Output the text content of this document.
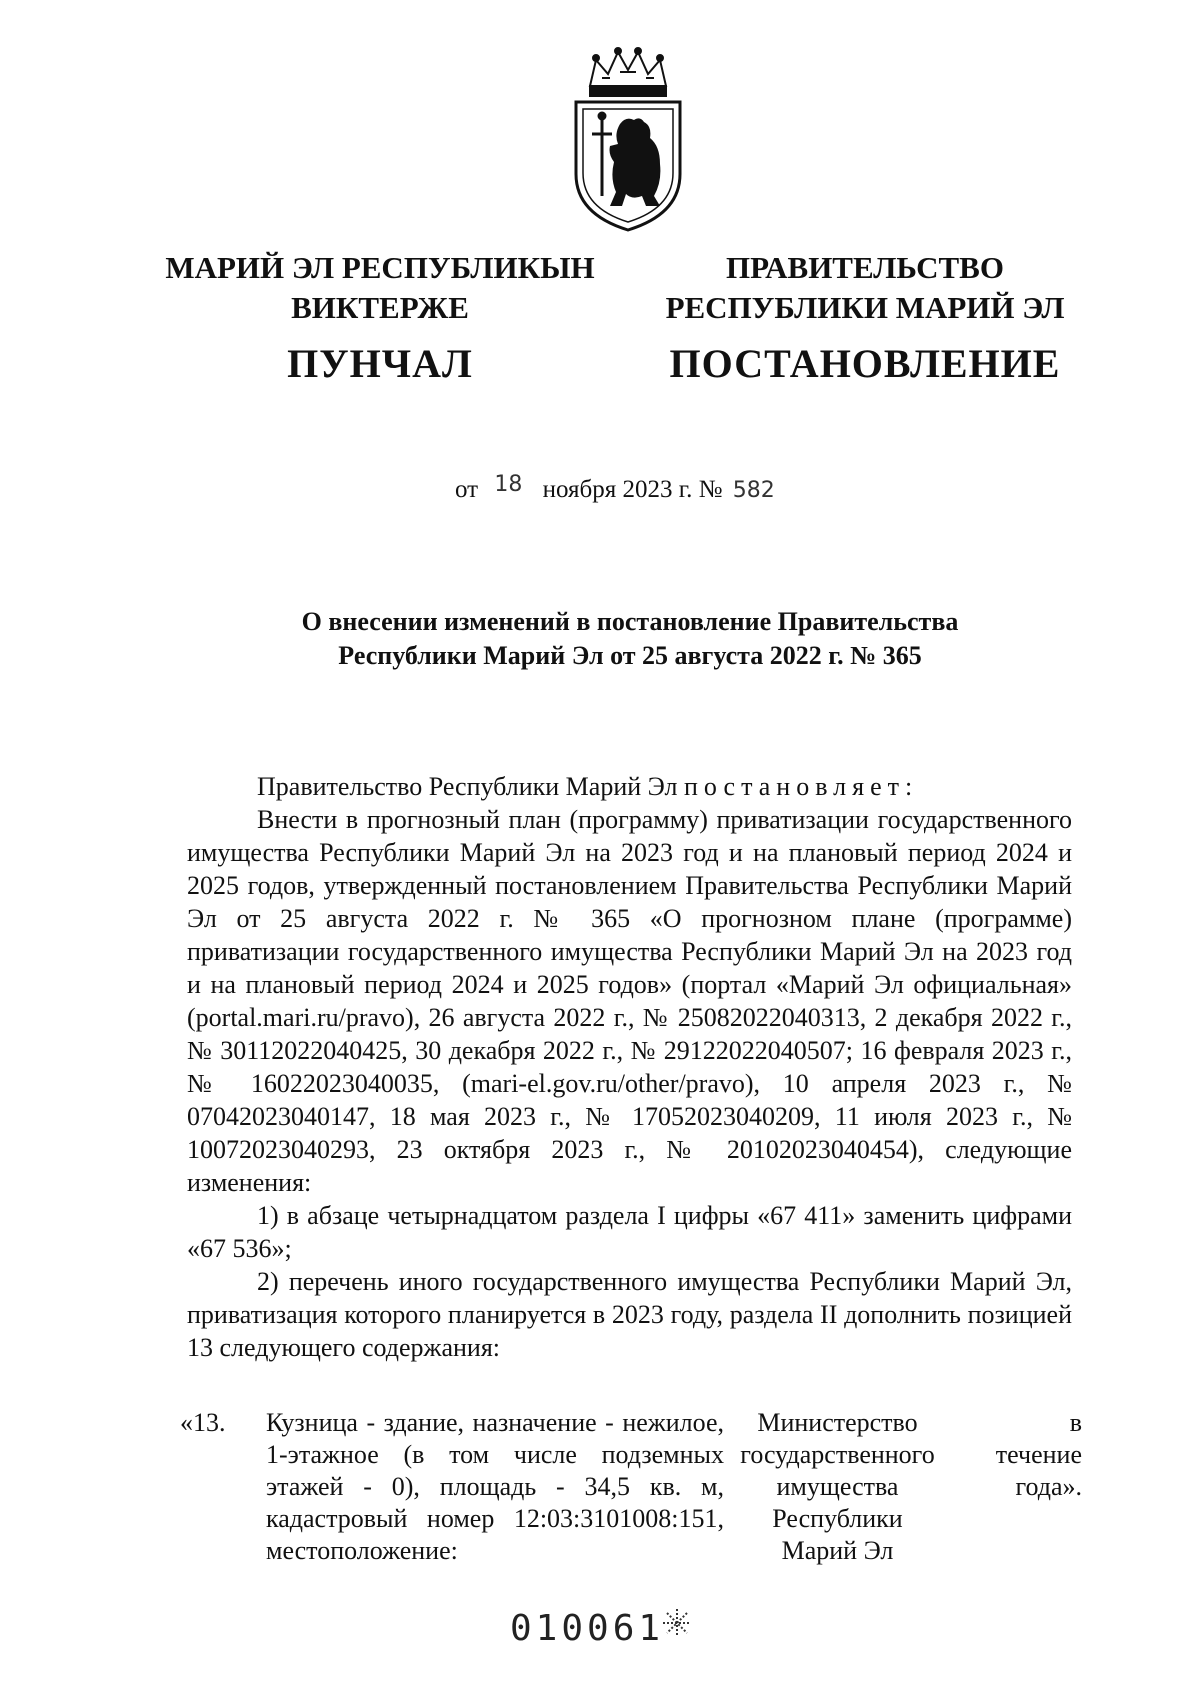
МАРИЙ ЭЛ РЕСПУБЛИКЫН
ВИКТЕРЖЕ
ПУНЧАЛ
ПРАВИТЕЛЬСТВО
РЕСПУБЛИКИ МАРИЙ ЭЛ
ПОСТАНОВЛЕНИЕ
от 18 ноября 2023 г. № 582
О внесении изменений в постановление Правительства
Республики Марий Эл от 25 августа 2022 г. № 365

Правительство Республики Марий Эл постановляет:

Внести в прогнозный план (программу) приватизации государственного имущества Республики Марий Эл на 2023 год и на плановый период 2024 и 2025 годов, утвержденный постановлением Правительства Республики Марий Эл от 25 августа 2022 г. № 365 «О прогнозном плане (программе) приватизации государственного имущества Республики Марий Эл на 2023 год и на плановый период 2024 и 2025 годов» (портал «Марий Эл официальная» (portal.mari.ru/pravo), 26 августа 2022 г., № 25082022040313, 2 декабря 2022 г., № 30112022040425, 30 декабря 2022 г., № 29122022040507; 16 февраля 2023 г., № 16022023040035, (mari-el.gov.ru/other/pravo), 10 апреля 2023 г., № 07042023040147, 18 мая 2023 г., № 17052023040209, 11 июля 2023 г., № 10072023040293, 23 октября 2023 г., № 20102023040454), следующие изменения:

1) в абзаце четырнадцатом раздела I цифры «67 411» заменить цифрами «67 536»;

2) перечень иного государственного имущества Республики Марий Эл, приватизация которого планируется в 2023 году, раздела II дополнить позицией 13 следующего содержания:

«13.	Кузница - здание, назначение - нежилое, 1-этажное (в том числе подземных этажей - 0), площадь - 34,5 кв. м, кадастровый номер 12:03:3101008:151, местоположение:
Министерство
государственного
имущества
Республики
Марий Эл
в
течение
года».
010061
